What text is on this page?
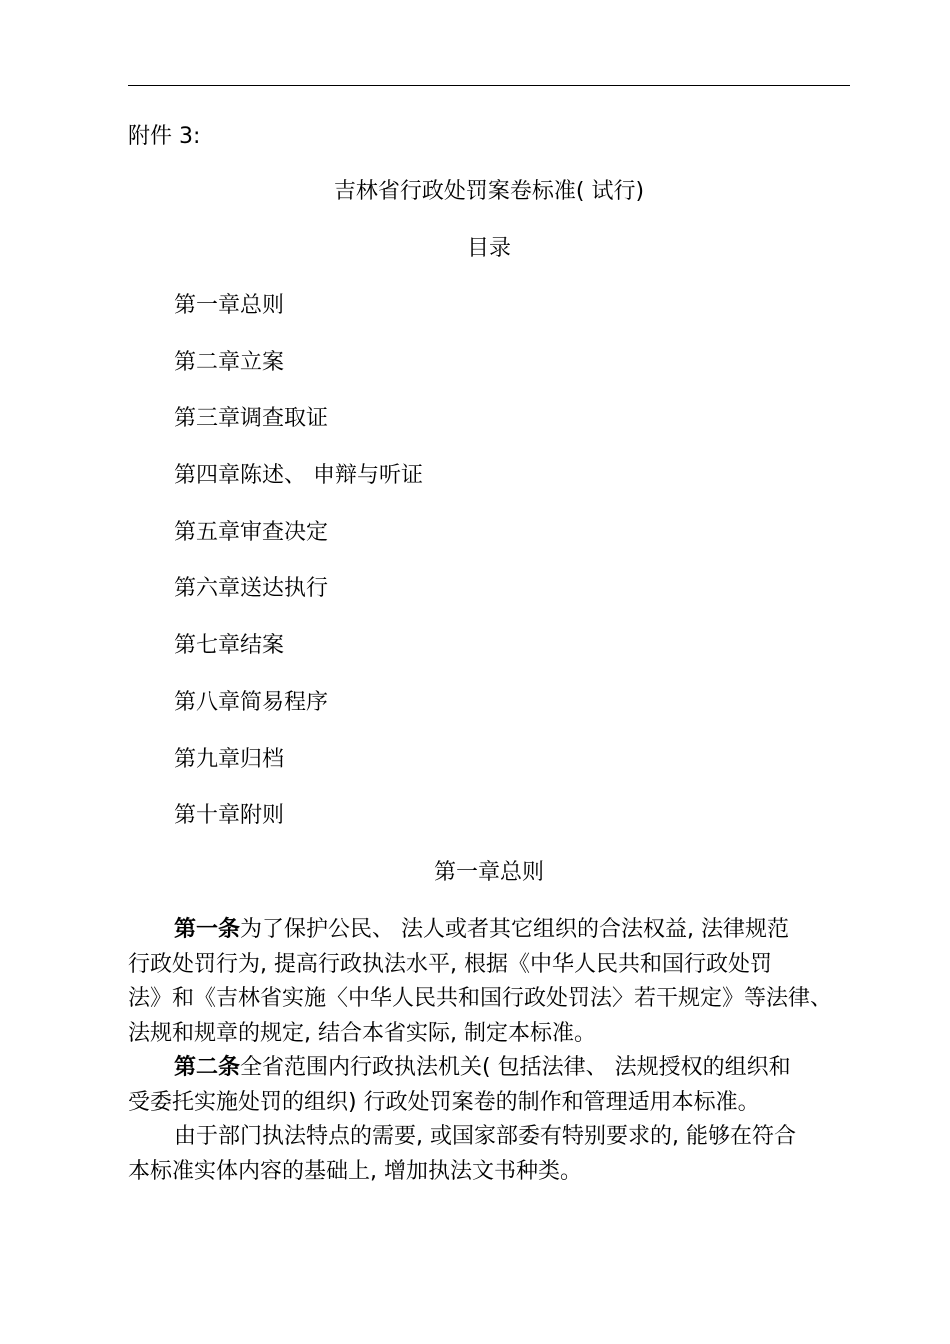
附件 3:
吉林省行政处罚案卷标准( 试行)
目录
第一章总则
第二章立案
第三章调查取证
第四章陈述、 申辩与听证
第五章审查决定
第六章送达执行
第七章结案
第八章简易程序
第九章归档
第十章附则
第一章总则

第一条为了保护公民、 法人或者其它组织的合法权益, 法律规范
行政处罚行为, 提高行政执法水平, 根据《中华人民共和国行政处罚
法》和《吉林省实施〈中华人民共和国行政处罚法〉若干规定》等法律、
法规和规章的规定, 结合本省实际, 制定本标准。

第二条全省范围内行政执法机关( 包括法律、 法规授权的组织和
受委托实施处罚的组织) 行政处罚案卷的制作和管理适用本标准。

由于部门执法特点的需要, 或国家部委有特别要求的, 能够在符合
本标准实体内容的基础上, 增加执法文书种类。
